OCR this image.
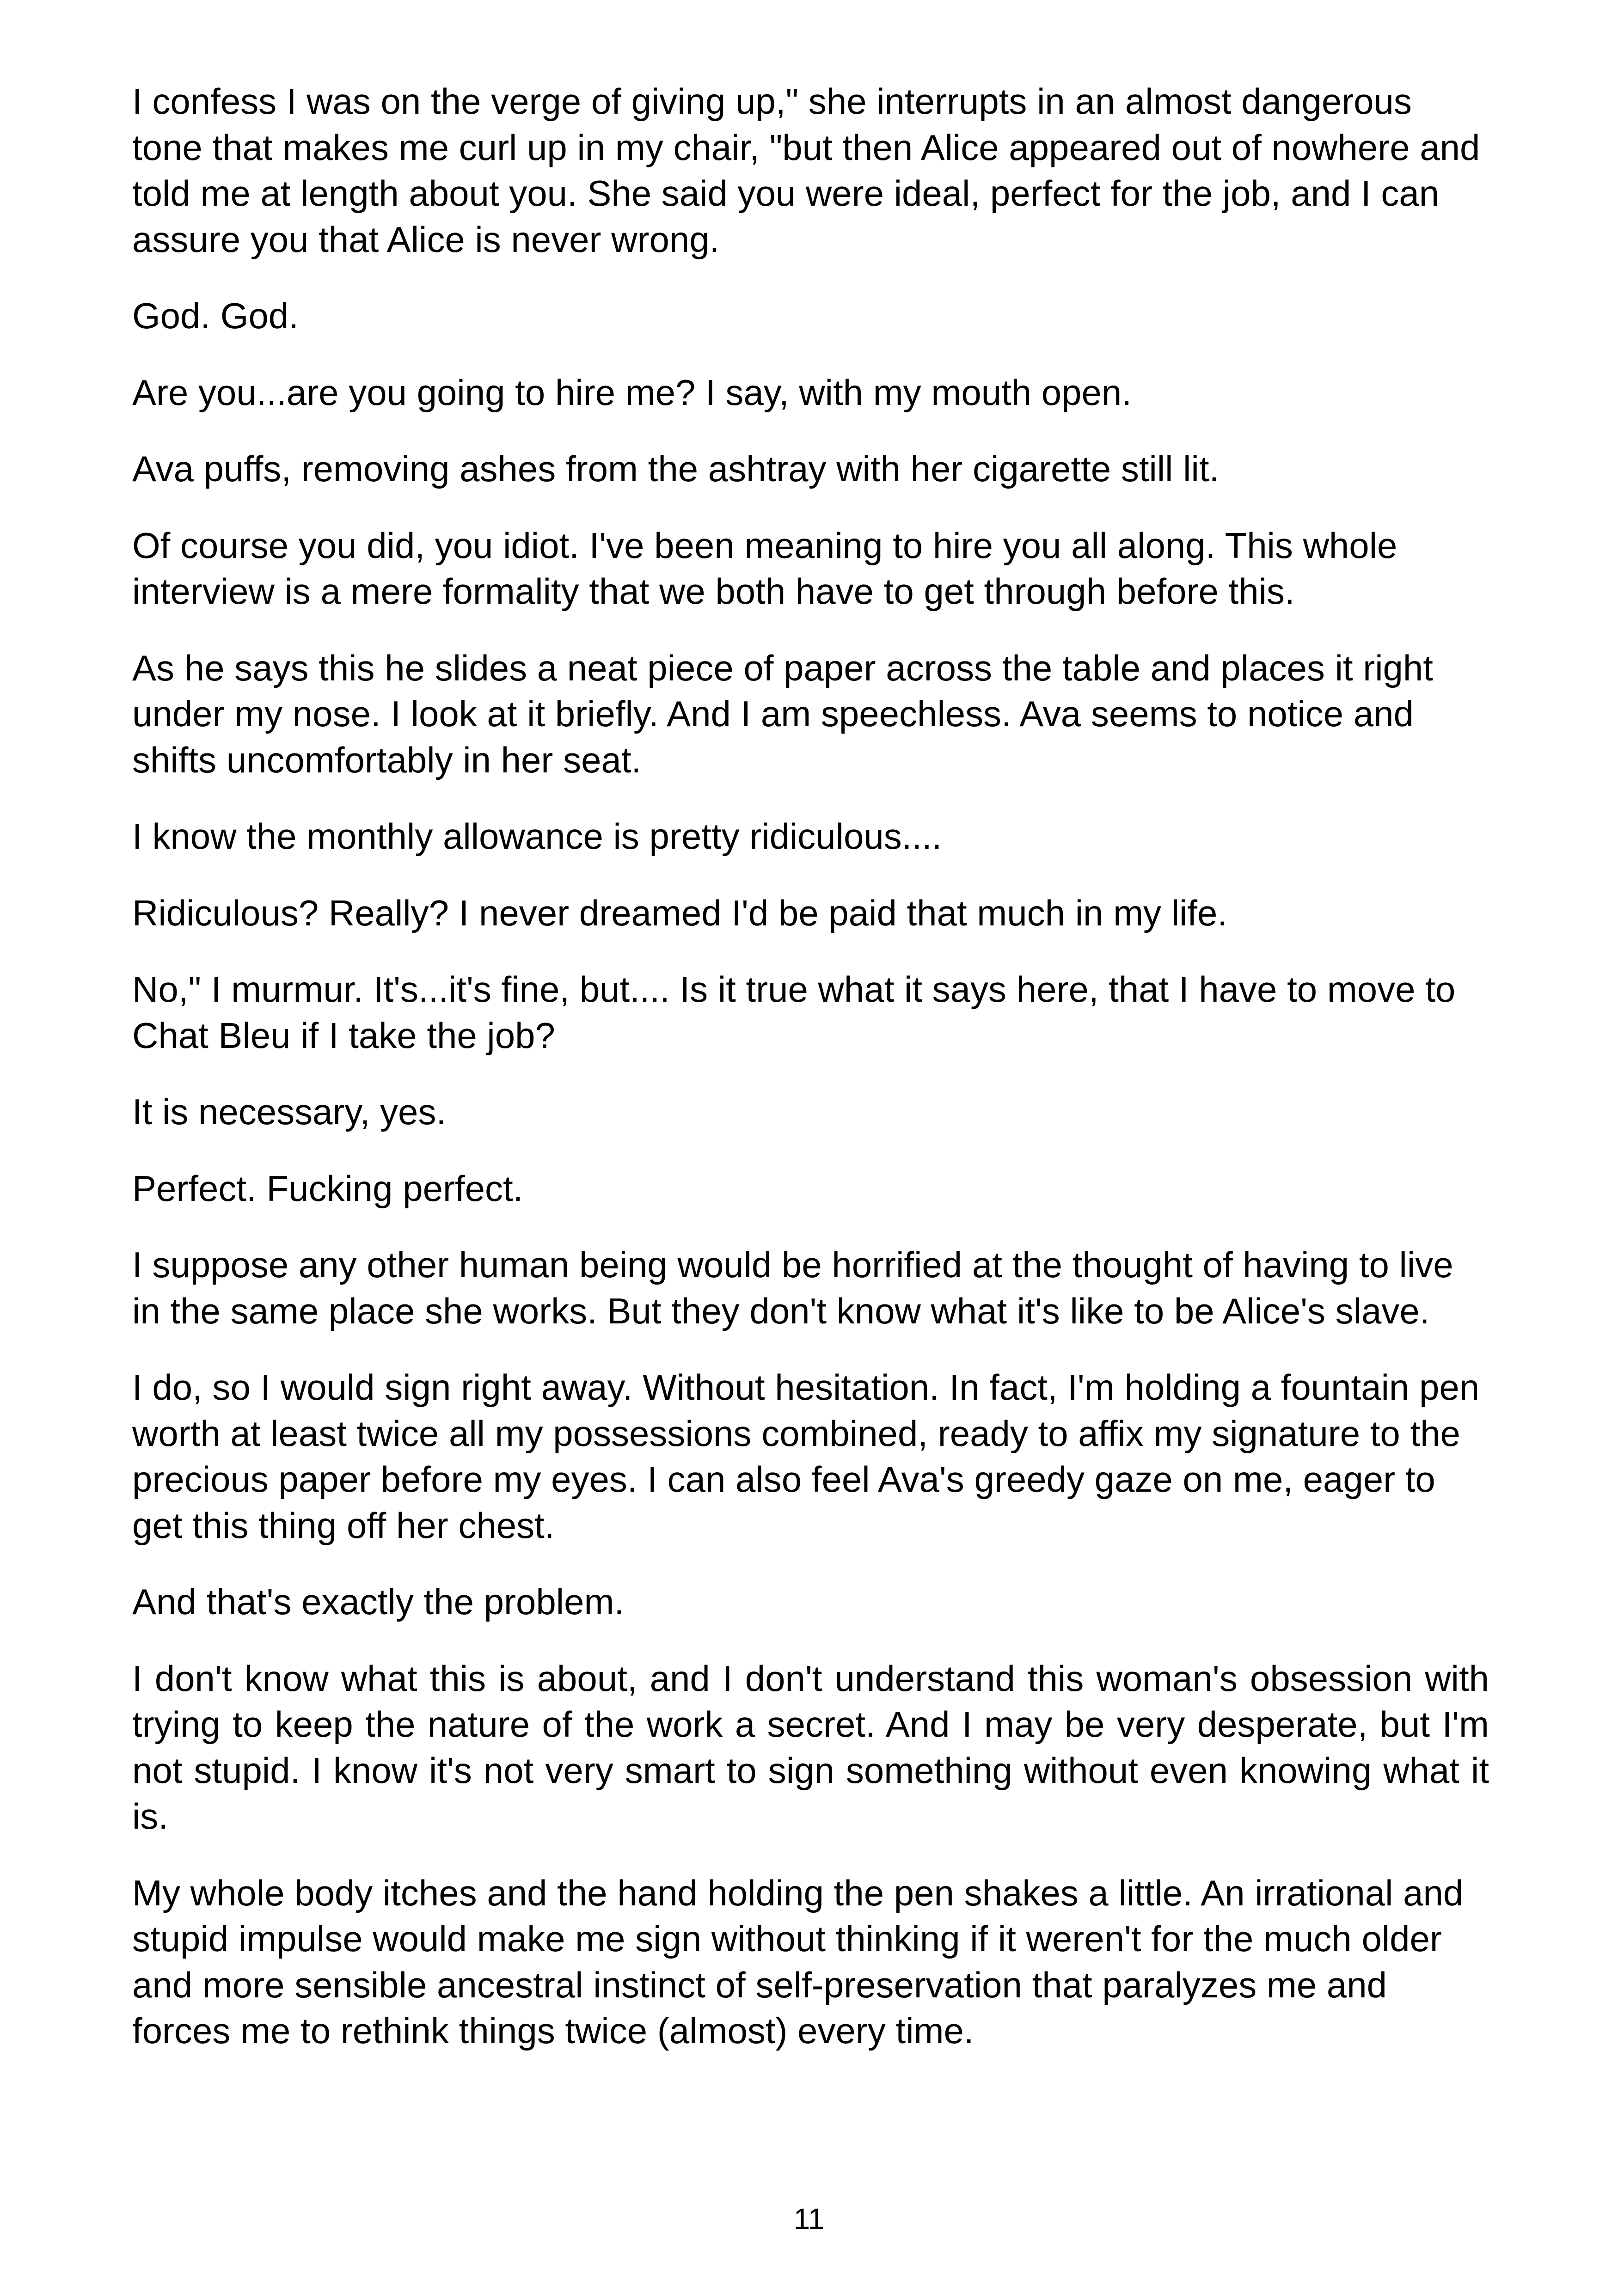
I confess I was on the verge of giving up," she interrupts in an almost dangerous tone that makes me curl up in my chair, "but then Alice appeared out of nowhere and told me at length about you. She said you were ideal, perfect for the job, and I can assure you that Alice is never wrong.

God. God.

Are you...are you going to hire me? I say, with my mouth open.

Ava puffs, removing ashes from the ashtray with her cigarette still lit.

Of course you did, you idiot. I've been meaning to hire you all along. This whole interview is a mere formality that we both have to get through before this.

As he says this he slides a neat piece of paper across the table and places it right under my nose. I look at it briefly. And I am speechless. Ava seems to notice and shifts uncomfortably in her seat.

I know the monthly allowance is pretty ridiculous....

Ridiculous? Really? I never dreamed I'd be paid that much in my life.

No," I murmur. It's...it's fine, but.... Is it true what it says here, that I have to move to Chat Bleu if I take the job?

It is necessary, yes.

Perfect. Fucking perfect.

I suppose any other human being would be horrified at the thought of having to live in the same place she works. But they don't know what it's like to be Alice's slave.

I do, so I would sign right away. Without hesitation. In fact, I'm holding a fountain pen worth at least twice all my possessions combined, ready to affix my signature to the precious paper before my eyes. I can also feel Ava's greedy gaze on me, eager to get this thing off her chest.

And that's exactly the problem.

I don't know what this is about, and I don't understand this woman's obsession with trying to keep the nature of the work a secret. And I may be very desperate, but I'm not stupid. I know it's not very smart to sign something without even knowing what it is.

My whole body itches and the hand holding the pen shakes a little. An irrational and stupid impulse would make me sign without thinking if it weren't for the much older and more sensible ancestral instinct of self-preservation that paralyzes me and forces me to rethink things twice (almost) every time.

11
